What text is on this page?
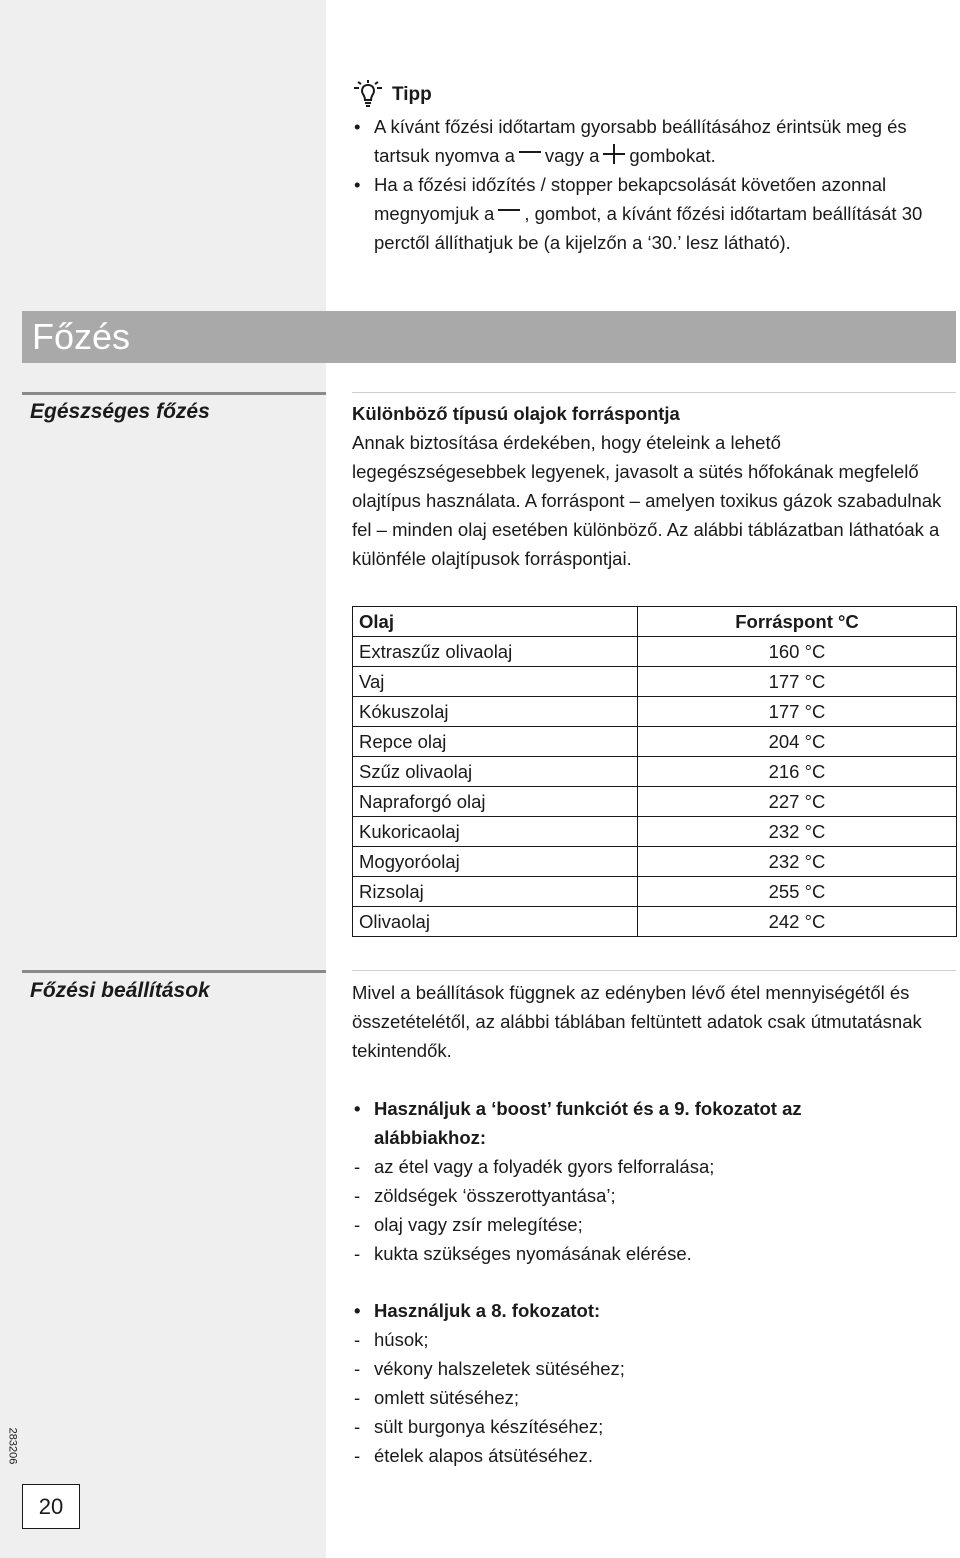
Tipp
• A kívánt főzési időtartam gyorsabb beállításához érintsük meg és tartsuk nyomva a vagy a gombokat.
• Ha a főzési időzítés / stopper bekapcsolását követően azonnal megnyomjuk a , gombot, a kívánt főzési időtartam beállítását 30 perctől állíthatjuk be (a kijelzőn a ‘30.’ lesz látható).
Főzés
Egészséges főzés	Különböző típusú olajok forráspontja
Annak biztosítása érdekében, hogy ételeink a lehető legegészségesebbek legyenek, javasolt a sütés hőfokának megfelelő olajtípus használata. A forráspont – amelyen toxikus gázok szabadulnak fel – minden olaj esetében különböző. Az alábbi táblázatban láthatóak a különféle olajtípusok forráspontjai.
Olaj	Forráspont °C
Extraszűz olivaolaj	160 °C
Vaj	177 °C
Kókuszolaj	177 °C
Repce olaj	204 °C
Szűz olivaolaj	216 °C
Napraforgó olaj	227 °C
Kukoricaolaj	232 °C
Mogyoróolaj	232 °C
Rizsolaj	255 °C
Olivaolaj	242 °C
Főzési beállítások	Mivel a beállítások függnek az edényben lévő étel mennyiségétől és összetételétől, az alábbi táblában feltüntett adatok csak útmutatásnak tekintendők.
• Használjuk a ‘boost’ funkciót és a 9. fokozatot az alábbiakhoz:
- az étel vagy a folyadék gyors felforralása;
- zöldségek ‘összerottyantása’;
- olaj vagy zsír melegítése;
- kukta szükséges nyomásának elérése.
• Használjuk a 8. fokozatot:
- húsok;
- vékony halszeletek sütéséhez;
- omlett sütéséhez;
- sült burgonya készítéséhez;
- ételek alapos átsütéséhez.
283206
20
